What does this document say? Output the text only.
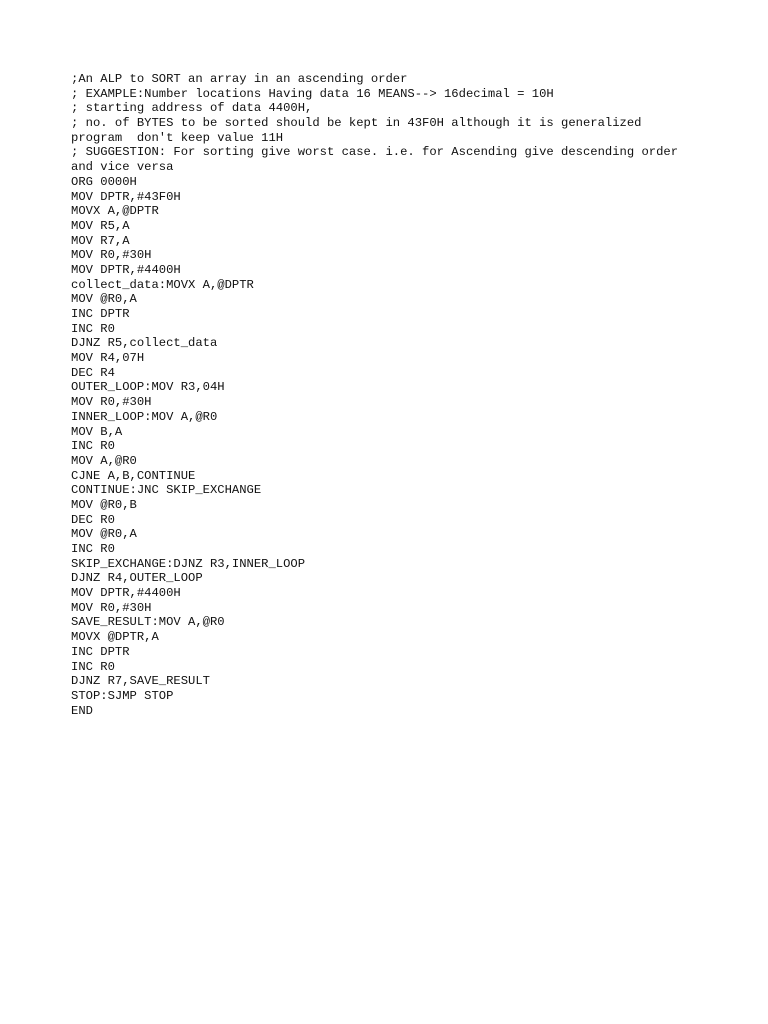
;An ALP to SORT an array in an ascending order
; EXAMPLE:Number locations Having data 16 MEANS--> 16decimal = 10H
; starting address of data 4400H,
; no. of BYTES to be sorted should be kept in 43F0H although it is generalized
program  don't keep value 11H
; SUGGESTION: For sorting give worst case. i.e. for Ascending give descending order
and vice versa
ORG 0000H
MOV DPTR,#43F0H
MOVX A,@DPTR
MOV R5,A
MOV R7,A
MOV R0,#30H
MOV DPTR,#4400H
collect_data:MOVX A,@DPTR
MOV @R0,A
INC DPTR
INC R0
DJNZ R5,collect_data
MOV R4,07H
DEC R4
OUTER_LOOP:MOV R3,04H
MOV R0,#30H
INNER_LOOP:MOV A,@R0
MOV B,A
INC R0
MOV A,@R0
CJNE A,B,CONTINUE
CONTINUE:JNC SKIP_EXCHANGE
MOV @R0,B
DEC R0
MOV @R0,A
INC R0
SKIP_EXCHANGE:DJNZ R3,INNER_LOOP
DJNZ R4,OUTER_LOOP
MOV DPTR,#4400H
MOV R0,#30H
SAVE_RESULT:MOV A,@R0
MOVX @DPTR,A
INC DPTR
INC R0
DJNZ R7,SAVE_RESULT
STOP:SJMP STOP
END
